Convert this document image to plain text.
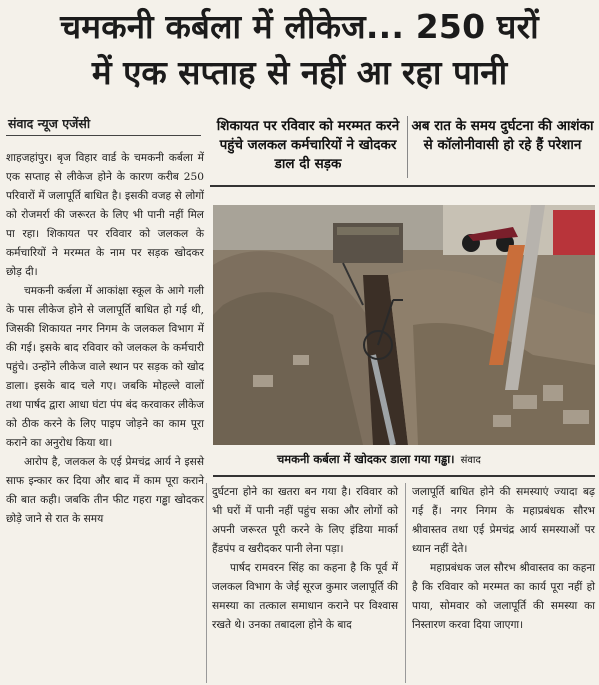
चमकनी कर्बला में लीकेज... 250 घरों
में एक सप्ताह से नहीं आ रहा पानी
संवाद न्यूज एजेंसी

शाहजहांपुर। बृज विहार वार्ड के चमकनी कर्बला में एक सप्ताह से लीकेज होने के कारण करीब 250 परिवारों में जलापूर्ति बाधित है। इसकी वजह से लोगों को रोजमर्रा की जरूरत के लिए भी पानी नहीं मिल पा रहा। शिकायत पर रविवार को जलकल के कर्मचारियों ने मरम्मत के नाम पर सड़क खोदकर छोड़ दी।

चमकनी कर्बला में आकांक्षा स्कूल के आगे गली के पास लीकेज होने से जलापूर्ति बाधित हो गई थी, जिसकी शिकायत नगर निगम के जलकल विभाग में की गई। इसके बाद रविवार को जलकल के कर्मचारी पहुंचे। उन्होंने लीकेज वाले स्थान पर सड़क को खोद डाला। इसके बाद चले गए। जबकि मोहल्ले वालों तथा पार्षद द्वारा आधा घंटा पंप बंद करवाकर लीकेज को ठीक करने के लिए पाइप जोड़ने का काम पूरा कराने का अनुरोध किया था।

आरोप है, जलकल के एई प्रेमचंद्र आर्य ने इससे साफ इन्कार कर दिया और बाद में काम पूरा कराने की बात कही। जबकि तीन फीट गहरा गड्ढा खोदकर छोड़े जाने से रात के समय

शिकायत पर रविवार को मरम्मत करने पहुंचे जलकल कर्मचारियों ने खोदकर डाल दी सड़क
अब रात के समय दुर्घटना की आशंका से कॉलोनीवासी हो रहे हैं परेशान
चमकनी कर्बला में खोदकर डाला गया गड्ढा। संवाद

दुर्घटना होने का खतरा बन गया है। रविवार को भी घरों में पानी नहीं पहुंच सका और लोगों को अपनी जरूरत पूरी करने के लिए इंडिया मार्का हैंडपंप व खरीदकर पानी लेना पड़ा।

पार्षद रामवरन सिंह का कहना है कि पूर्व में जलकल विभाग के जेई सूरज कुमार जलापूर्ति की समस्या का तत्काल समाधान कराने पर विश्वास रखते थे। उनका तबादला होने के बाद

जलापूर्ति बाधित होने की समस्याएं ज्यादा बढ़ गई हैं। नगर निगम के महाप्रबंधक सौरभ श्रीवास्तव तथा एई प्रेमचंद्र आर्य समस्याओं पर ध्यान नहीं देते।

महाप्रबंधक जल सौरभ श्रीवास्तव का कहना है कि रविवार को मरम्मत का कार्य पूरा नहीं हो पाया, सोमवार को जलापूर्ति की समस्या का निस्तारण करवा दिया जाएगा।
